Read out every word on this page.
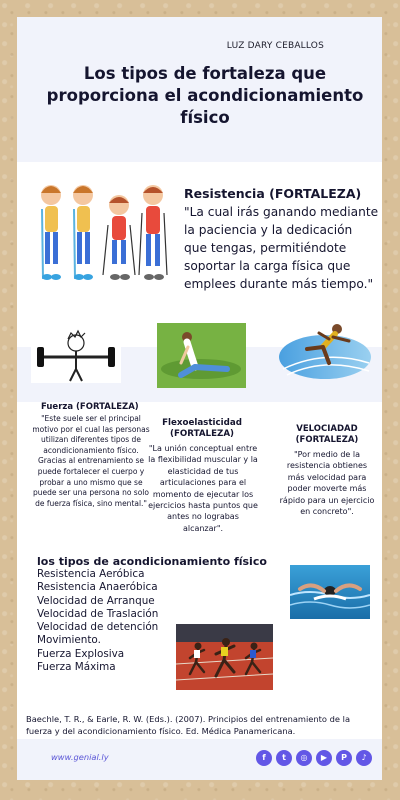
LUZ DARY CEBALLOS
Los tipos de fortaleza que proporciona el acondicionamiento físico
Resistencia (FORTALEZA)
"La cual irás ganando mediante la paciencia y la dedicación que tengas, permitiéndote soportar la carga física que emplees durante más tiempo."
Fuerza (FORTALEZA)
"Este suele ser el principal motivo por el cual las personas utilizan diferentes tipos de acondicionamiento físico. Gracias al entrenamiento se puede fortalecer el cuerpo y probar a uno mismo que se puede ser una persona no solo de fuerza física, sino mental."
Flexoelasticidad (FORTALEZA)
"La unión conceptual entre la flexibilidad muscular y la elasticidad de tus articulaciones para el momento de ejecutar los ejercicios hasta puntos que antes no lograbas alcanzar".
VELOCIADAD (FORTALEZA)
"Por medio de la resistencia obtienes más velocidad para poder moverte más rápido para un ejercicio en concreto".
los tipos de acondicionamiento físico
Resistencia Aeróbica
Resistencia Anaeróbica
Velocidad de Arranque
Velocidad de Traslación
Velocidad de detención
Movimiento.
Fuerza Explosiva
Fuerza Máxima
Baechle, T. R., & Earle, R. W. (Eds.). (2007). Principios del entrenamiento de la fuerza y del acondicionamiento físico. Ed. Médica Panamericana.
www.genial.ly	f	t	◎	▶	P	♪
